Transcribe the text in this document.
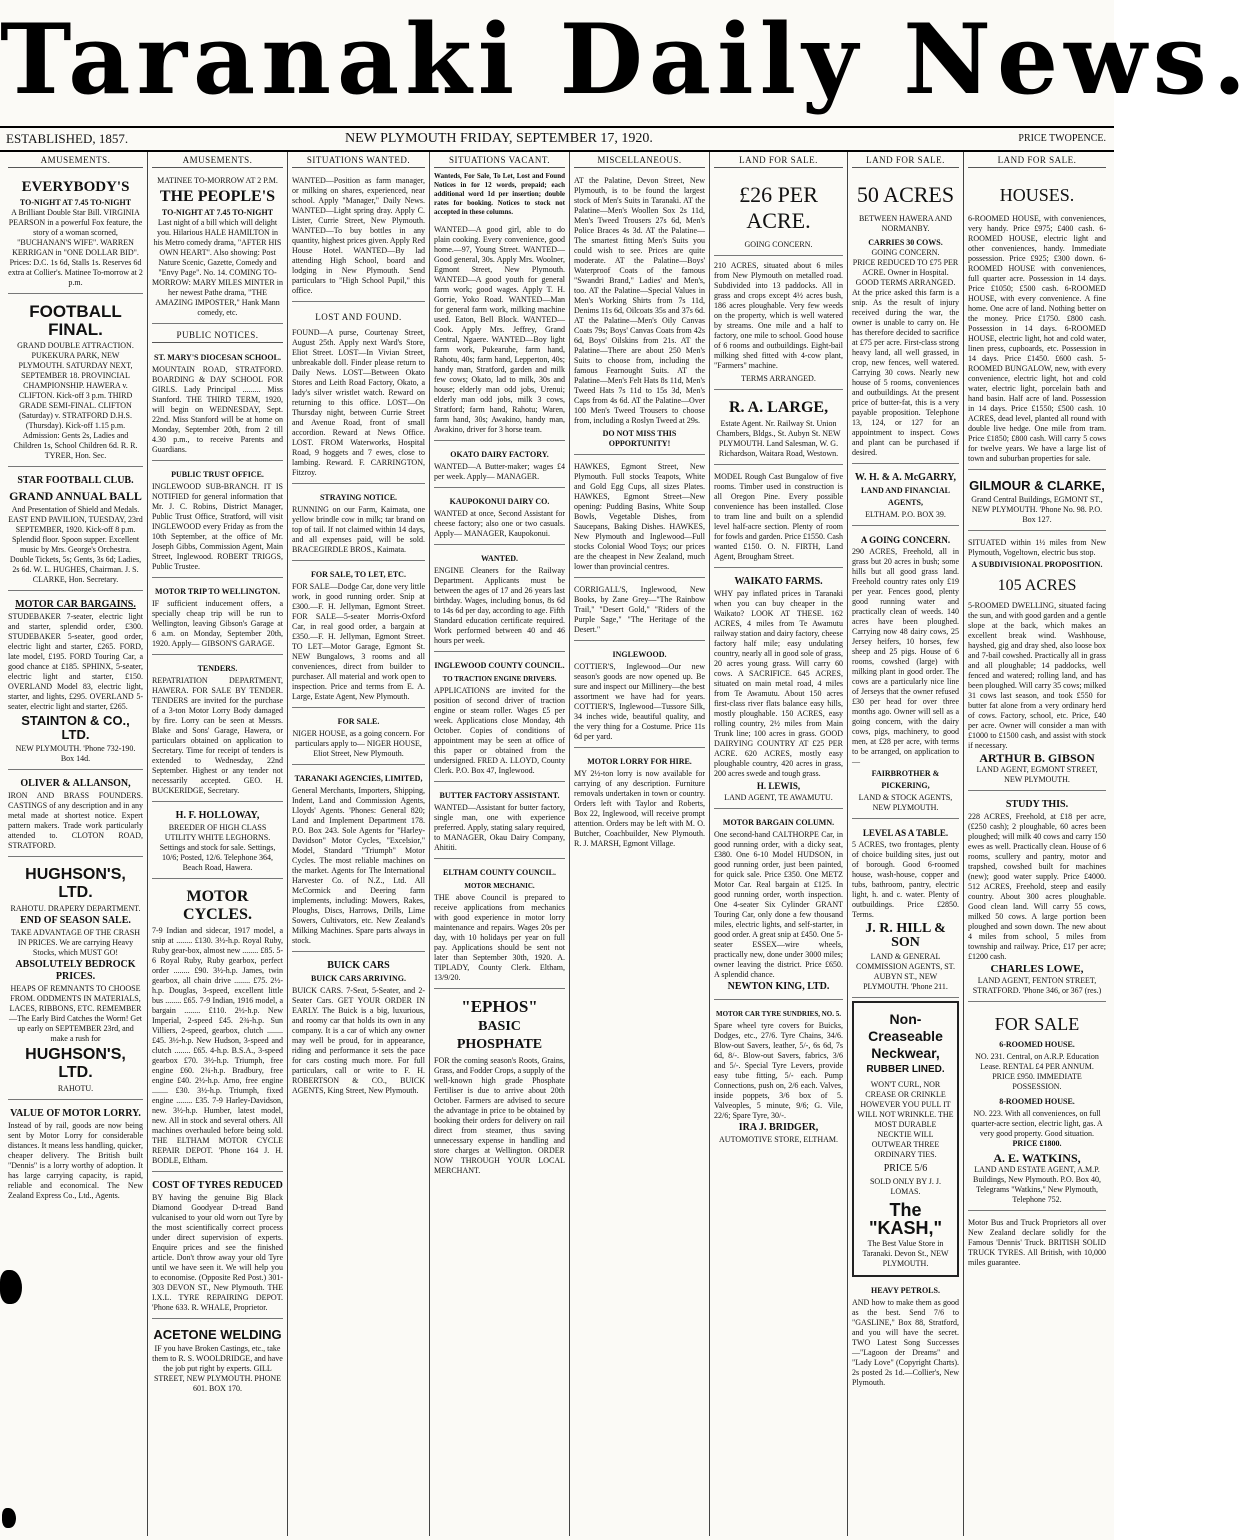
Taranaki Daily News.
ESTABLISHED, 1857.	NEW PLYMOUTH FRIDAY, SEPTEMBER 17, 1920.	PRICE TWOPENCE.
AMUSEMENTS.
EVERYBODY'S

TO-NIGHT AT 7.45 TO-NIGHT

A Brilliant Double Star Bill. VIRGINIA PEARSON in a powerful Fox feature, the story of a woman scorned, "BUCHANAN'S WIFE". WARREN KERRIGAN in "ONE DOLLAR BID". Prices: D.C. 1s 6d, Stalls 1s. Reserves 6d extra at Collier's. Matinee To-morrow at 2 p.m.

FOOTBALL FINAL.

GRAND DOUBLE ATTRACTION.

PUKEKURA PARK, NEW PLYMOUTH. SATURDAY NEXT, SEPTEMBER 18. PROVINCIAL CHAMPIONSHIP. HAWERA v. CLIFTON. Kick-off 3 p.m. THIRD GRADE SEMI-FINAL. CLIFTON (Saturday) v. STRATFORD D.H.S. (Thursday). Kick-off 1.15 p.m. Admission: Gents 2s, Ladies and Children 1s, School Children 6d. R. R. TYRER, Hon. Sec.

STAR FOOTBALL CLUB.
GRAND ANNUAL BALL

And Presentation of Shield and Medals. EAST END PAVILION, TUESDAY, 23rd SEPTEMBER, 1920. Kick-off 8 p.m. Splendid floor. Spoon supper. Excellent music by Mrs. George's Orchestra. Double Tickets, 5s; Gents, 3s 6d; Ladies, 2s 6d. W. L. HUGHES, Chairman. J. S. CLARKE, Hon. Secretary.

MOTOR CAR BARGAINS.

STUDEBAKER 7-seater, electric light and starter, splendid order, £300. STUDEBAKER 5-seater, good order, electric light and starter, £265. FORD, late model, £195. FORD Touring Car, a good chance at £185. SPHINX, 5-seater, electric light and starter, £150. OVERLAND Model 83, electric light, starter, and lights, £295. OVERLAND 5-seater, electric light and starter, £265.

STAINTON & CO., LTD.

NEW PLYMOUTH. 'Phone 732-190. Box 14d.

OLIVER & ALLANSON,

IRON AND BRASS FOUNDERS. CASTINGS of any description and in any metal made at shortest notice. Expert pattern makers. Trade work particularly attended to. CLOTON ROAD, STRATFORD.

HUGHSON'S, LTD.

RAHOTU. DRAPERY DEPARTMENT.

END OF SEASON SALE.

TAKE ADVANTAGE OF THE CRASH IN PRICES. We are carrying Heavy Stocks, which MUST GO!

ABSOLUTELY BEDROCK PRICES.

HEAPS OF REMNANTS TO CHOOSE FROM. ODDMENTS IN MATERIALS, LACES, RIBBONS, ETC. REMEMBER—The Early Bird Catches the Worm! Get up early on SEPTEMBER 23rd, and make a rush for

HUGHSON'S, LTD.

RAHOTU.

VALUE OF MOTOR LORRY.

Instead of by rail, goods are now being sent by Motor Lorry for considerable distances. It means less handling, quicker, cheaper delivery. The British built "Dennis" is a lorry worthy of adoption. It has large carrying capacity, is rapid, reliable and economical. The New Zealand Express Co., Ltd., Agents.

AMUSEMENTS.

MATINEE TO-MORROW AT 2 P.M.

THE PEOPLE'S

TO-NIGHT AT 7.45 TO-NIGHT

Last night of a bill which will delight you. Hilarious HALE HAMILTON in his Metro comedy drama, "AFTER HIS OWN HEART". Also showing: Post Nature Scenic, Gazette, Comedy and "Envy Page". No. 14. COMING TO-MORROW: MARY MILES MINTER in her newest Pathe drama, "THE AMAZING IMPOSTER," Hank Mann comedy, etc.

PUBLIC NOTICES.
ST. MARY'S DIOCESAN SCHOOL.

MOUNTAIN ROAD, STRATFORD. BOARDING & DAY SCHOOL FOR GIRLS. Lady Principal ......... Miss Stanford. THE THIRD TERM, 1920, will begin on WEDNESDAY, Sept. 22nd. Miss Stanford will be at home on Monday, September 20th, from 2 till 4.30 p.m., to receive Parents and Guardians.

PUBLIC TRUST OFFICE.

INGLEWOOD SUB-BRANCH. IT IS NOTIFIED for general information that Mr. J. C. Robins, District Manager, Public Trust Office, Stratford, will visit INGLEWOOD every Friday as from the 10th September, at the office of Mr. Joseph Gibbs, Commission Agent, Main Street, Inglewood. ROBERT TRIGGS, Public Trustee.

MOTOR TRIP TO WELLINGTON.

IF sufficient inducement offers, a specially cheap trip will be run to Wellington, leaving Gibson's Garage at 6 a.m. on Monday, September 20th, 1920. Apply— GIBSON'S GARAGE.

TENDERS.

REPATRIATION DEPARTMENT, HAWERA. FOR SALE BY TENDER. TENDERS are invited for the purchase of a 3-ton Motor Lorry Body damaged by fire. Lorry can be seen at Messrs. Blake and Sons' Garage, Hawera, or particulars obtained on application to Secretary. Time for receipt of tenders is extended to Wednesday, 22nd September. Highest or any tender not necessarily accepted. GEO. H. BUCKERIDGE, Secretary.

H. F. HOLLOWAY,

BREEDER OF HIGH CLASS UTILITY WHITE LEGHORNS. Settings and stock for sale. Settings, 10/6; Posted, 12/6. Telephone 364, Beach Road, Hawera.

MOTOR CYCLES.

7-9 Indian and sidecar, 1917 model, a snip at ........ £130. 3½-h.p. Royal Ruby, Ruby gear-box, almost new ........ £85. 5-6 Royal Ruby, Ruby gearbox, perfect order ........ £90. 3½-h.p. James, twin gearbox, all chain drive ........ £75. 2½-h.p. Douglas, 3-speed, excellent little bus ........ £65. 7-9 Indian, 1916 model, a bargain ........ £110. 2½-h.p. New Imperial, 2-speed £45. 2¾-h.p. Sun Villiers, 2-speed, gearbox, clutch ........ £45. 3½-h.p. New Hudson, 3-speed and clutch ........ £65. 4-h.p. B.S.A., 3-speed gearbox £70. 3½-h.p. Triumph, free engine £60. 2¾-h.p. Bradbury, free engine £40. 2½-h.p. Arno, free engine ........ £30. 3½-h.p. Triumph, fixed engine ........ £35. 7-9 Harley-Davidson, new. 3½-h.p. Humber, latest model, new. All in stock and several others. All machines overhauled before being sold. THE ELTHAM MOTOR CYCLE REPAIR DEPOT. 'Phone 164 J. H. BODLE, Eltham.

COST OF TYRES REDUCED

BY having the genuine Big Black Diamond Goodyear D-tread Band vulcanised to your old worn out Tyre by the most scientifically correct process under direct supervision of experts. Enquire prices and see the finished article. Don't throw away your old Tyre until we have seen it. We will help you to economise. (Opposite Red Post.) 301-303 DEVON ST., New Plymouth. THE I.X.L. TYRE REPAIRING DEPOT. 'Phone 633. R. WHALE, Proprietor.

ACETONE WELDING

IF you have Broken Castings, etc., take them to R. S. WOOLDRIDGE, and have the job put right by experts. GILL STREET, NEW PLYMOUTH. PHONE 601. BOX 170.

SITUATIONS WANTED.

WANTED—Position as farm manager, or milking on shares, experienced, near school. Apply "Manager," Daily News. WANTED—Light spring dray. Apply C. Lister, Currie Street, New Plymouth. WANTED—To buy bottles in any quantity, highest prices given. Apply Red House Hotel. WANTED—By lad attending High School, board and lodging in New Plymouth. Send particulars to "High School Pupil," this office.

LOST AND FOUND.

FOUND—A purse, Courtenay Street, August 25th. Apply next Ward's Store, Eliot Street. LOST—In Vivian Street, unbreakable doll. Finder please return to Daily News. LOST—Between Okato Stores and Leith Road Factory, Okato, a lady's silver wristlet watch. Reward on returning to this office. LOST—On Thursday night, between Currie Street and Avenue Road, front of small accordion. Reward at News Office. LOST. FROM Waterworks, Hospital Road, 9 hoggets and 7 ewes, close to lambing. Reward. F. CARRINGTON, Fitzroy.

STRAYING NOTICE.

RUNNING on our Farm, Kaimata, one yellow brindle cow in milk; tar brand on top of tail. If not claimed within 14 days, and all expenses paid, will be sold. BRACEGIRDLE BROS., Kaimata.

FOR SALE, TO LET, ETC.

FOR SALE—Dodge Car, done very little work, in good running order. Snip at £300.—F. H. Jellyman, Egmont Street. FOR SALE—5-seater Morris-Oxford Car, in real good order, a bargain at £350.—F. H. Jellyman, Egmont Street. TO LET—Motor Garage, Egmont St. NEW Bungalows, 3 rooms and all conveniences, direct from builder to purchaser. All material and work open to inspection. Price and terms from E. A. Large, Estate Agent, New Plymouth.

FOR SALE.

NIGER HOUSE, as a going concern. For particulars apply to— NIGER HOUSE, Eliot Street, New Plymouth.

TARANAKI AGENCIES, LIMITED,

General Merchants, Importers, Shipping, Indent, Land and Commission Agents, Lloyds' Agents. 'Phones: General 820; Land and Implement Department 178. P.O. Box 243. Sole Agents for "Harley-Davidson" Motor Cycles, "Excelsior," Model, Standard "Triumph" Motor Cycles. The most reliable machines on the market. Agents for The International Harvester Co. of N.Z., Ltd. All McCormick and Deering farm implements, including: Mowers, Rakes, Ploughs, Discs, Harrows, Drills, Lime Sowers, Cultivators, etc. New Zealand's Milking Machines. Spare parts always in stock.

BUICK CARS
BUICK CARS ARRIVING.

BUICK CARS. 7-Seat, 5-Seater, and 2-Seater Cars. GET YOUR ORDER IN EARLY. The Buick is a big, luxurious, and roomy car that holds its own in any company. It is a car of which any owner may well be proud, for in appearance, riding and performance it sets the pace for cars costing much more. For full particulars, call or write to F. H. ROBERTSON & CO., BUICK AGENTS, King Street, New Plymouth.

SITUATIONS VACANT.

Wanteds, For Sale, To Let, Lost and Found Notices in for 12 words, prepaid; each additional word 1d per insertion; double rates for booking. Notices to stock not accepted in these columns.

WANTED—A good girl, able to do plain cooking. Every convenience, good home.—97, Young Street. WANTED—Good general, 30s. Apply Mrs. Woolner, Egmont Street, New Plymouth. WANTED—A good youth for general farm work; good wages. Apply T. H. Gorrie, Yoko Road. WANTED—Man for general farm work, milking machine used. Eaton, Bell Block. WANTED—Cook. Apply Mrs. Jeffrey, Grand Central, Ngaere. WANTED—Boy light farm work, Pukearuhe, farm hand, Rahotu, 40s; farm hand, Lepperton, 40s; handy man, Stratford, garden and milk few cows; Okato, lad to milk, 30s and house; elderly man odd jobs, Urenui; elderly man odd jobs, milk 3 cows, Stratford; farm hand, Rahotu; Waren, farm hand, 30s; Awakino, handy man, Awakino, driver for 3 horse team.

OKATO DAIRY FACTORY.

WANTED—A Butter-maker; wages £4 per week. Apply— MANAGER.

KAUPOKONUI DAIRY CO.

WANTED at once, Second Assistant for cheese factory; also one or two casuals. Apply— MANAGER, Kaupokonui.

WANTED.

ENGINE Cleaners for the Railway Department. Applicants must be between the ages of 17 and 26 years last birthday. Wages, including bonus, 8s 6d to 14s 6d per day, according to age. Fifth Standard education certificate required. Work performed between 40 and 46 hours per week.

INGLEWOOD COUNTY COUNCIL.
TO TRACTION ENGINE DRIVERS.

APPLICATIONS are invited for the position of second driver of traction engine or steam roller. Wages £5 per week. Applications close Monday, 4th October. Copies of conditions of appointment may be seen at office of this paper or obtained from the undersigned. FRED A. LLOYD, County Clerk. P.O. Box 47, Inglewood.

BUTTER FACTORY ASSISTANT.

WANTED—Assistant for butter factory, single man, one with experience preferred. Apply, stating salary required, to MANAGER, Okau Dairy Company, Ahititi.

ELTHAM COUNTY COUNCIL.
MOTOR MECHANIC.

THE above Council is prepared to receive applications from mechanics with good experience in motor lorry maintenance and repairs. Wages 20s per day, with 10 holidays per year on full pay. Applications should be sent not later than September 30th, 1920. A. TIPLADY, County Clerk. Eltham, 13/9/20.

"EPHOS"
BASIC PHOSPHATE

FOR the coming season's Roots, Grains, Grass, and Fodder Crops, a supply of the well-known high grade Phosphate Fertiliser is due to arrive about 20th October. Farmers are advised to secure the advantage in price to be obtained by booking their orders for delivery on rail direct from steamer, thus saving unnecessary expense in handling and store charges at Wellington. ORDER NOW THROUGH YOUR LOCAL MERCHANT.

MISCELLANEOUS.

AT the Palatine, Devon Street, New Plymouth, is to be found the largest stock of Men's Suits in Taranaki. AT the Palatine—Men's Woollen Sox 2s 11d, Men's Tweed Trousers 27s 6d, Men's Police Braces 4s 3d. AT the Palatine—The smartest fitting Men's Suits you could wish to see. Prices are quite moderate. AT the Palatine—Boys' Waterproof Coats of the famous "Swandri Brand," Ladies' and Men's, too. AT the Palatine—Special Values in Men's Working Shirts from 7s 11d, Denims 11s 6d, Oilcoats 35s and 37s 6d. AT the Palatine—Men's Oily Canvas Coats 79s; Boys' Canvas Coats from 42s 6d, Boys' Oilskins from 21s. AT the Palatine—There are about 250 Men's Suits to choose from, including the famous Fearnought Suits. AT the Palatine—Men's Felt Hats 8s 11d, Men's Tweed Hats 7s 11d to 15s 3d, Men's Caps from 4s 6d. AT the Palatine—Over 100 Men's Tweed Trousers to choose from, including a Roslyn Tweed at 29s.

DO NOT MISS THIS OPPORTUNITY!

HAWKES, Egmont Street, New Plymouth. Full stocks Teapots, White and Gold Egg Cups, all sizes Plates. HAWKES, Egmont Street—New opening: Pudding Basins, White Soup Bowls, Vegetable Dishes, from Saucepans, Baking Dishes. HAWKES, New Plymouth and Inglewood—Full stocks Colonial Wood Toys; our prices are the cheapest in New Zealand, much lower than provincial centres.

CORRIGALL'S, Inglewood, New Books, by Zane Grey—"The Rainbow Trail," "Desert Gold," "Riders of the Purple Sage," "The Heritage of the Desert."

INGLEWOOD.

COTTIER'S, Inglewood—Our new season's goods are now opened up. Be sure and inspect our Millinery—the best assortment we have had for years. COTTIER'S, Inglewood—Tussore Silk, 34 inches wide, beautiful quality, and the very thing for a Costume. Price 11s 6d per yard.

MOTOR LORRY FOR HIRE.

MY 2½-ton lorry is now available for carrying of any description. Furniture removals undertaken in town or country. Orders left with Taylor and Roberts, Box 22, Inglewood, will receive prompt attention. Orders may be left with M. O. Butcher, Coachbuilder, New Plymouth. R. J. MARSH, Egmont Village.

LAND FOR SALE.
£26 PER ACRE.

GOING CONCERN.

210 ACRES, situated about 6 miles from New Plymouth on metalled road. Subdivided into 13 paddocks. All in grass and crops except 4½ acres bush, 186 acres ploughable. Very few weeds on the property, which is well watered by streams. One mile and a half to factory, one mile to school. Good house of 6 rooms and outbuildings. Eight-bail milking shed fitted with 4-cow plant, "Farmers" machine.

TERMS ARRANGED.

R. A. LARGE,

Estate Agent. Nr. Railway St. Union Chambers, Bldgs., St. Aubyn St. NEW PLYMOUTH. Land Salesman, W. G. Richardson, Waitara Road, Westown.

MODEL Rough Cast Bungalow of five rooms. Timber used in construction is all Oregon Pine. Every possible convenience has been installed. Close to tram line and built on a splendid level half-acre section. Plenty of room for fowls and garden. Price £1550. Cash wanted £150. O. N. FIRTH, Land Agent, Brougham Street.

WAIKATO FARMS.

WHY pay inflated prices in Taranaki when you can buy cheaper in the Waikato? LOOK AT THESE. 162 ACRES, 4 miles from Te Awamutu railway station and dairy factory, cheese factory half mile; easy undulating country, nearly all in good sole of grass, 20 acres young grass. Will carry 60 cows. A SACRIFICE. 645 ACRES, situated on main metal road, 4 miles from Te Awamutu. About 150 acres first-class river flats balance easy hills, mostly ploughable. 150 ACRES, easy rolling country, 2½ miles from Main Trunk line; 100 acres in grass. GOOD DAIRYING COUNTRY AT £25 PER ACRE. 620 ACRES, mostly easy ploughable country, 420 acres in grass, 200 acres swede and tough grass.

H. LEWIS,

LAND AGENT, TE AWAMUTU.

MOTOR BARGAIN COLUMN.

One second-hand CALTHORPE Car, in good running order, with a dicky seat, £380. One 6-10 Model HUDSON, in good running order, just been painted, for quick sale. Price £350. One METZ Motor Car. Real bargain at £125. In good running order, worth inspection. One 4-seater Six Cylinder GRANT Touring Car, only done a few thousand miles, electric lights, and self-starter, in good order. A great snip at £450. One 5-seater ESSEX—wire wheels, practically new, done under 3000 miles; owner leaving the district. Price £650. A splendid chance.

NEWTON KING, LTD.
MOTOR CAR TYRE SUNDRIES, NO. 5.

Spare wheel tyre covers for Buicks, Dodges, etc., 27/6. Tyre Chains, 34/6. Blow-out Savers, leather, 5/-, 6s 6d, 7s 6d, 8/-. Blow-out Savers, fabrics, 3/6 and 5/-. Special Tyre Levers, provide easy tube fitting, 5/- each. Pump Connections, push on, 2/6 each. Valves, inside poppets, 3/6 box of 5. Valveoples, 5 minute, 9/6; G. Vile, 22/6; Spare Tyre, 30/-.

IRA J. BRIDGER,

AUTOMOTIVE STORE, ELTHAM.

LAND FOR SALE.
50 ACRES

BETWEEN HAWERA AND NORMANBY.

CARRIES 30 COWS.

GOING CONCERN.

PRICE REDUCED TO £75 PER ACRE. Owner in Hospital.

GOOD TERMS ARRANGED.

At the price asked this farm is a snip. As the result of injury received during the war, the owner is unable to carry on. He has therefore decided to sacrifice at £75 per acre. First-class strong heavy land, all well grassed, in crop, new fences, well watered. Carrying 30 cows. Nearly new house of 5 rooms, conveniences and outbuildings. At the present price of butter-fat, this is a very payable proposition. Telephone 13, 124, or 127 for an appointment to inspect. Cows and plant can be purchased if desired.

W. H. & A. McGARRY,
LAND AND FINANCIAL AGENTS,

ELTHAM. P.O. BOX 39.

A GOING CONCERN.

290 ACRES, Freehold, all in grass but 20 acres in bush; some hills but all good grass land. Freehold country rates only £19 per year. Fences good, plenty good running water and practically clean of weeds. 140 acres have been ploughed. Carrying now 48 dairy cows, 25 Jersey heifers, 10 horses, few sheep and 25 pigs. House of 6 rooms, cowshed (large) with milking plant in good order. The cows are a particularly nice line of Jerseys that the owner refused £30 per head for over three months ago. Owner will sell as a going concern, with the dairy cows, pigs, machinery, to good men, at £28 per acre, with terms to be arranged, on application to—

FAIRBROTHER & PICKERING,

LAND & STOCK AGENTS, NEW PLYMOUTH.

LEVEL AS A TABLE.

5 ACRES, two frontages, plenty of choice building sites, just out of borough. Good 6-roomed house, wash-house, copper and tubs, bathroom, pantry, electric light, h. and c. water. Plenty of outbuildings. Price £2850. Terms.

J. R. HILL & SON

LAND & GENERAL COMMISSION AGENTS, ST. AUBYN ST., NEW PLYMOUTH. 'Phone 211.

Non-Creaseable Neckwear,
RUBBER LINED.

WON'T CURL, NOR CREASE OR CRINKLE HOWEVER YOU PULL IT WILL NOT WRINKLE. THE MOST DURABLE NECKTIE WILL OUTWEAR THREE ORDINARY TIES.

PRICE 5/6

SOLD ONLY BY J. J. LOMAS.

The "KASH,"

The Best Value Store in Taranaki. Devon St., NEW PLYMOUTH.

HEAVY PETROLS.

AND how to make them as good as the best. Send 7/6 to "GASLINE," Box 88, Stratford, and you will have the secret. TWO Latest Song Successes—"Lagoon der Dreams" and "Lady Love" (Copyright Charts). 2s posted 2s 1d.—Collier's, New Plymouth.

LAND FOR SALE.
HOUSES.

6-ROOMED HOUSE, with conveniences, very handy. Price £975; £400 cash. 6-ROOMED HOUSE, electric light and other conveniences, handy. Immediate possession. Price £925; £300 down. 6-ROOMED HOUSE with conveniences, full quarter acre. Possession in 14 days. Price £1050; £500 cash. 6-ROOMED HOUSE, with every convenience. A fine home. One acre of land. Nothing better on the money. Price £1750. £800 cash. Possession in 14 days. 6-ROOMED HOUSE, electric light, hot and cold water, linen press, cupboards, etc. Possession in 14 days. Price £1450. £600 cash. 5-ROOMED BUNGALOW, new, with every convenience, electric light, hot and cold water, electric light, porcelain bath and hand basin. Half acre of land. Possession in 14 days. Price £1550; £500 cash. 10 ACRES, dead level, planted all round with double live hedge. One mile from tram. Price £1850; £800 cash. Will carry 5 cows for twelve years. We have a large list of town and suburban properties for sale.

GILMOUR & CLARKE,

Grand Central Buildings, EGMONT ST., NEW PLYMOUTH. 'Phone No. 98. P.O. Box 127.

SITUATED within 1½ miles from New Plymouth, Vogeltown, electric bus stop.

A SUBDIVISIONAL PROPOSITION.
105 ACRES

5-ROOMED DWELLING, situated facing the sun, and with good garden and a gentle slope at the back, which makes an excellent break wind. Washhouse, hayshed, gig and dray shed, also loose box and 7-bail cowshed. Practically all in grass and all ploughable; 14 paddocks, well fenced and watered; rolling land, and has been ploughed. Will carry 35 cows; milked 31 cows last season, and took £550 for butter fat alone from a very ordinary herd of cows. Factory, school, etc. Price, £40 per acre. Owner will consider a man with £1000 to £1500 cash, and assist with stock if necessary.

ARTHUR B. GIBSON

LAND AGENT, EGMONT STREET, NEW PLYMOUTH.

STUDY THIS.

228 ACRES, Freehold, at £18 per acre, (£250 cash); 2 ploughable, 60 acres been ploughed; will milk 40 cows and carry 150 ewes as well. Practically clean. House of 6 rooms, scullery and pantry, motor and trapshed, cowshed built for machines (new); good water supply. Price £4000. 512 ACRES, Freehold, steep and easily country. About 300 acres ploughable. Good clean land. Will carry 55 cows, milked 50 cows. A large portion been ploughed and sown down. The new about 4 miles from school, 5 miles from township and railway. Price, £17 per acre; £1200 cash.

CHARLES LOWE,

LAND AGENT, FENTON STREET, STRATFORD. 'Phone 346, or 367 (res.)

FOR SALE
6-ROOMED HOUSE.

NO. 231. Central, on A.R.P. Education Lease. RENTAL £4 PER ANNUM. PRICE £950. IMMEDIATE POSSESSION.

8-ROOMED HOUSE.

NO. 223. With all conveniences, on full quarter-acre section, electric light, gas. A very good property. Good situation.

PRICE £1800.

A. E. WATKINS,

LAND AND ESTATE AGENT, A.M.P. Buildings, New Plymouth. P.O. Box 40, Telegrams "Watkins," New Plymouth, Telephone 752.

Motor Bus and Truck Proprietors all over New Zealand declare solidly for the Famous 'Dennis' Truck. BRITISH SOLID TRUCK TYRES. All British, with 10,000 miles guarantee.
